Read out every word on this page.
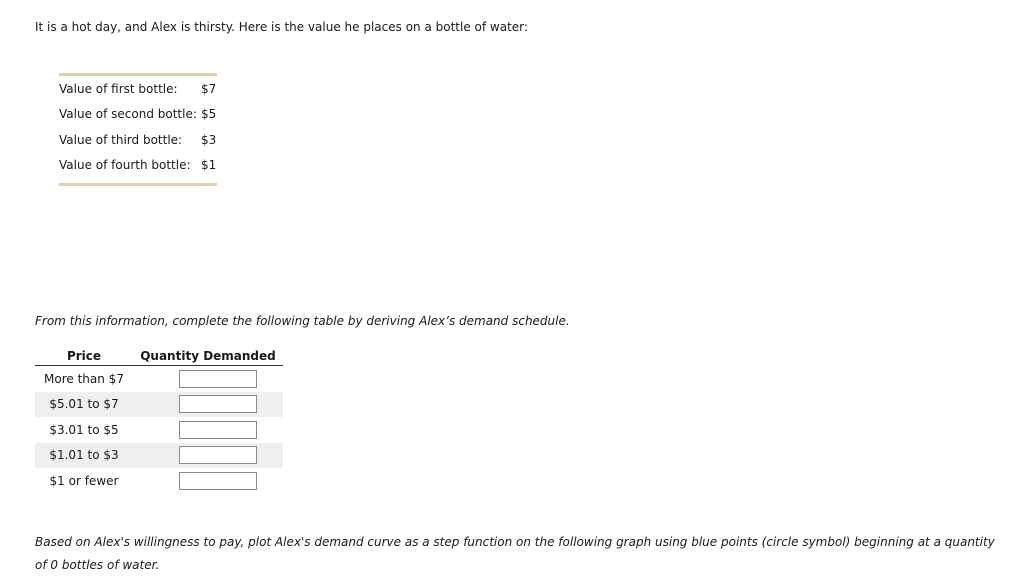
It is a hot day, and Alex is thirsty. Here is the value he places on a bottle of water:
Value of first bottle:	$7
Value of second bottle: $5
Value of third bottle:	$3
Value of fourth bottle: $1
From this information, complete the following table by deriving Alex’s demand schedule.
Price	Quantity Demanded
More than $7	
$5.01 to $7	
$3.01 to $5	
$1.01 to $3	
$1 or fewer	
Based on Alex's willingness to pay, plot Alex's demand curve as a step function on the following graph using blue points (circle symbol) beginning at a quantity of 0 bottles of water.
